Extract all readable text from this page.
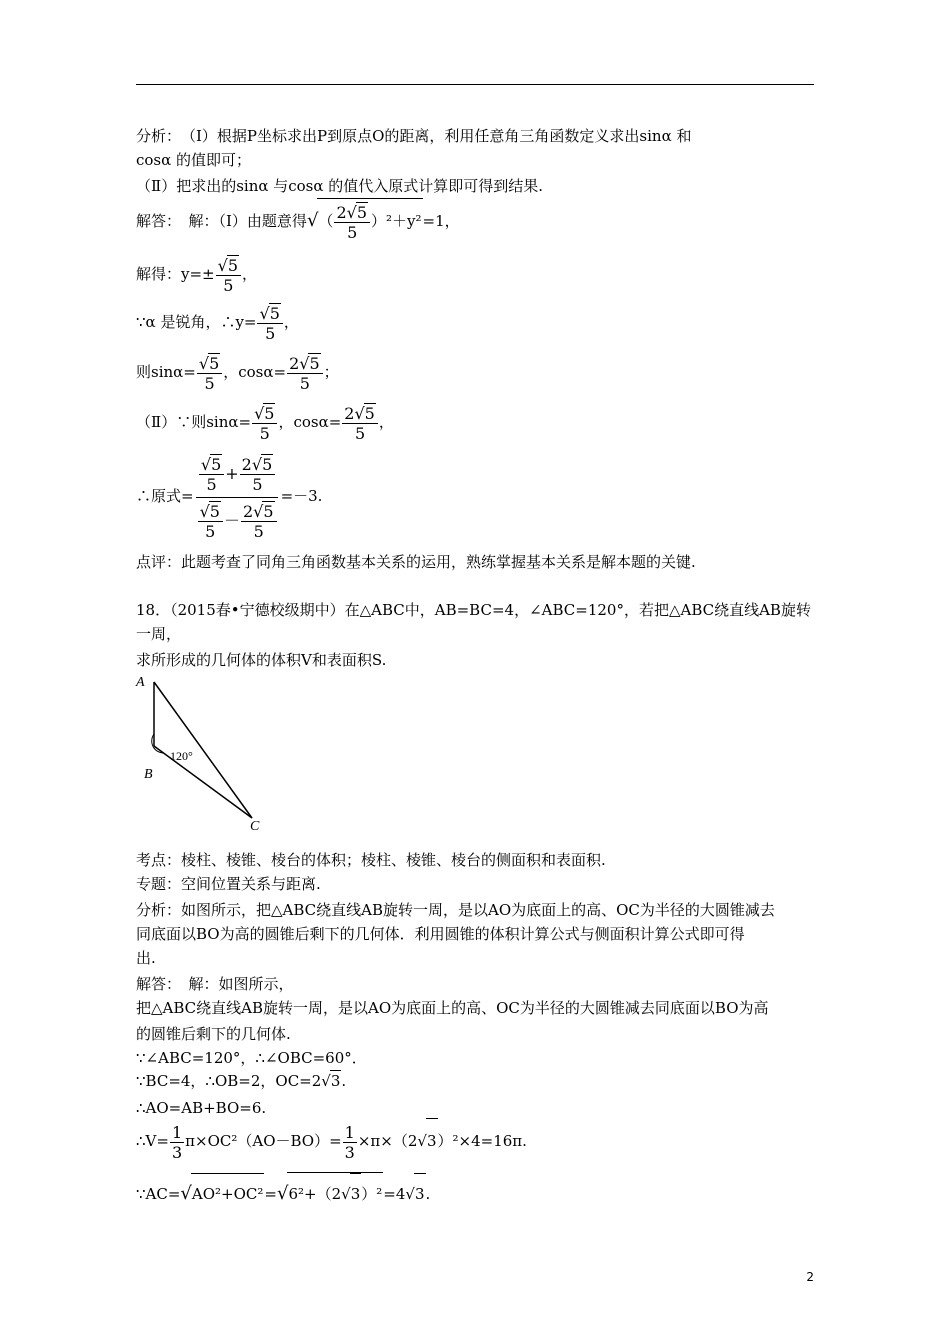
分析：　（Ⅰ）根据P坐标求出P到原点O的距离，利用任意角三角函数定义求出sinα 和
cosα 的值即可；
（Ⅱ）把求出的sinα 与cosα 的值代入原式计算即可得到结果.
解答：　解：（Ⅰ）由题意得√（ $\frac{2√5}{5} )^2+y^2=1$，
解得：$y=\pm \frac{√5}{5}$ ，
∵α 是锐角，∴y= $\frac{√5}{5}$ ，
则$\sin\alpha= \frac{√5}{5}$ ，$\cos\alpha= \frac{2√5}{5}$ ；
（Ⅱ）∵则$\sin\alpha= \frac{√5}{5}$ ，$\cos\alpha= \frac{2√5}{5}$ ，
∴原式= $\frac{\frac{√5}{5} + \frac{2√5}{5}}{\frac{√5}{5} - \frac{2√5}{5}} =-3$.
点评：此题考查了同角三角函数基本关系的运用，熟练掌握基本关系是解本题的关键.
18．（2015春•宁德校级期中）在△ABC中，AB=BC=4，∠ABC=120°，若把△ABC绕直线AB旋转
一周，
求所形成的几何体的体积V和表面积S.
A
B
C
120°
考点：棱柱、棱锥、棱台的体积；棱柱、棱锥、棱台的侧面积和表面积.
专题：空间位置关系与距离.
分析：如图所示，把△ABC绕直线AB旋转一周，是以AO为底面上的高、OC为半径的大圆锥减去
同底面以BO为高的圆锥后剩下的几何体．利用圆锥的体积计算公式与侧面积计算公式即可得
出.
解答：　解：如图所示，
把△ABC绕直线AB旋转一周，是以AO为底面上的高、OC为半径的大圆锥减去同底面以BO为高
的圆锥后剩下的几何体.
∵∠ABC=120°，∴∠OBC=60°．
∵BC=4，∴OB=2，OC=2√3.
∴AO=AB+BO=6.
∴V= $\frac{1}{3} \pi\times OC^2(AO-BO)= \frac{1}{3} \times\pi\times(2√3)^2\times 4=16\pi$.
∵AC=√AO²+OC²=√6²+（2√3）²=4√3.
2
